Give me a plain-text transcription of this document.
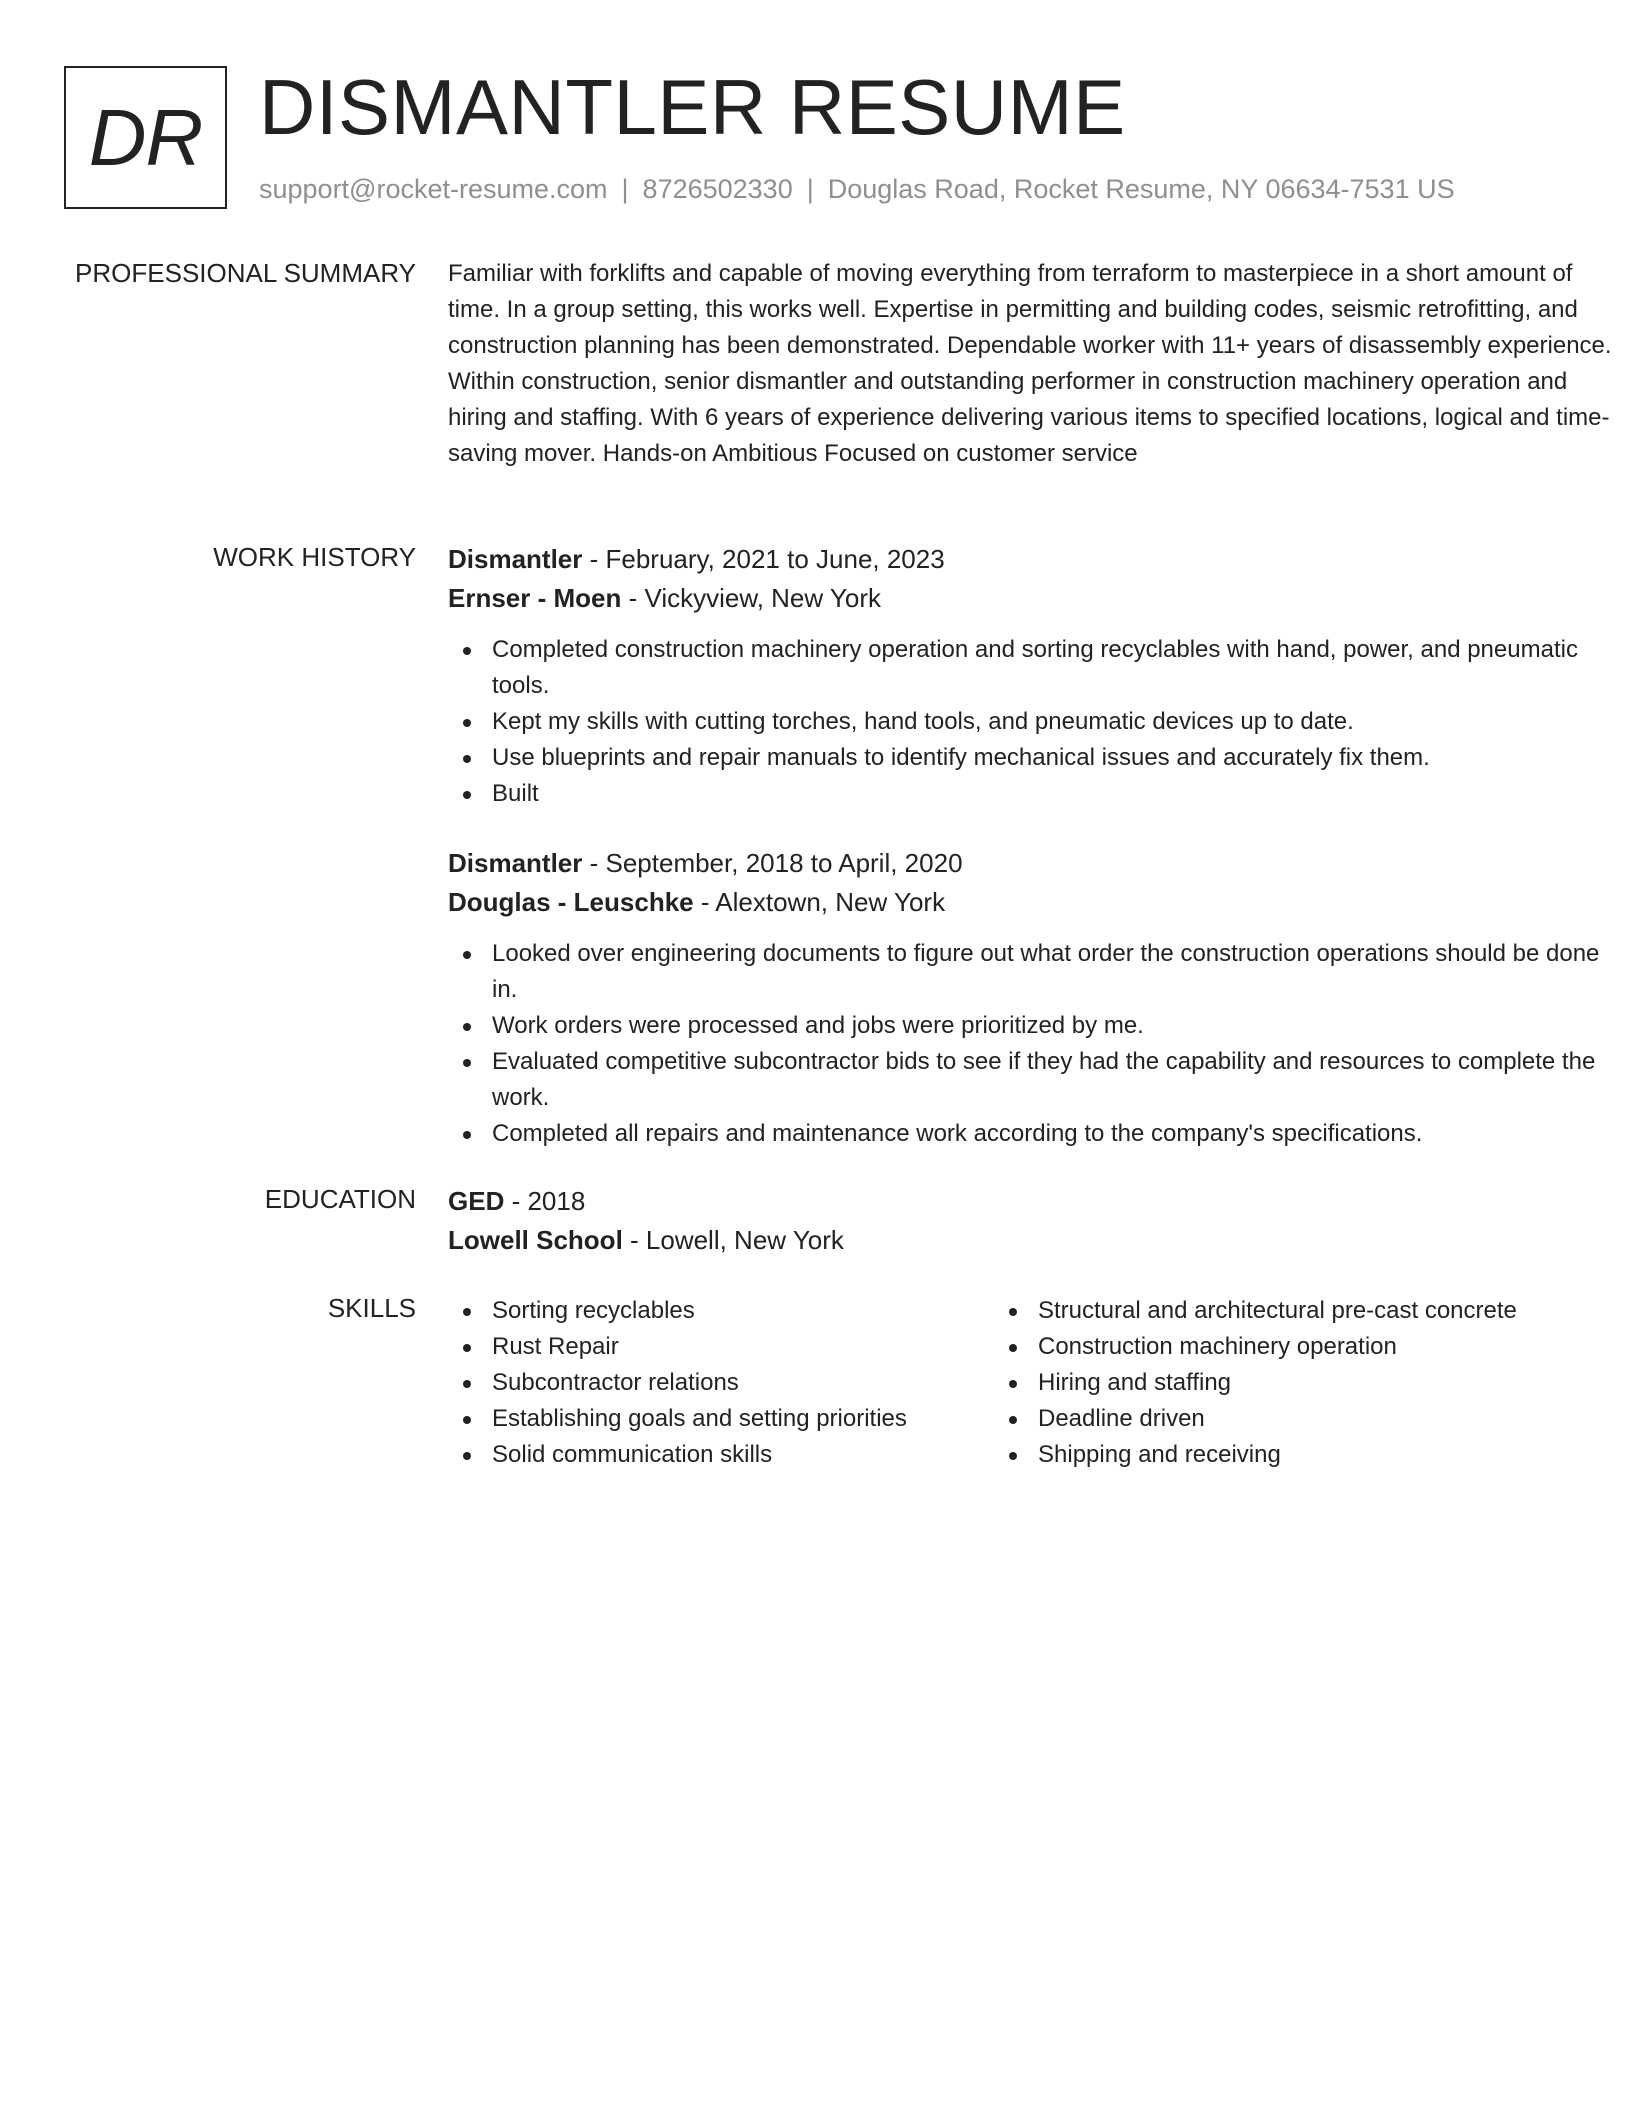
DR DISMANTLER RESUME
support@rocket-resume.com | 8726502330 | Douglas Road, Rocket Resume, NY 06634-7531 US
PROFESSIONAL SUMMARY Familiar with forklifts and capable of moving everything from terraform to masterpiece in a short amount of time. In a group setting, this works well. Expertise in permitting and building codes, seismic retrofitting, and construction planning has been demonstrated. Dependable worker with 11+ years of disassembly experience. Within construction, senior dismantler and outstanding performer in construction machinery operation and hiring and staffing. With 6 years of experience delivering various items to specified locations, logical and time-saving mover. Hands-on Ambitious Focused on customer service
WORK HISTORY Dismantler - February, 2021 to June, 2023
Ernser - Moen - Vickyview, New York
Completed construction machinery operation and sorting recyclables with hand, power, and pneumatic tools.
Kept my skills with cutting torches, hand tools, and pneumatic devices up to date.
Use blueprints and repair manuals to identify mechanical issues and accurately fix them.
Built
Dismantler - September, 2018 to April, 2020
Douglas - Leuschke - Alextown, New York
Looked over engineering documents to figure out what order the construction operations should be done in.
Work orders were processed and jobs were prioritized by me.
Evaluated competitive subcontractor bids to see if they had the capability and resources to complete the work.
Completed all repairs and maintenance work according to the company's specifications.
EDUCATION GED - 2018
Lowell School - Lowell, New York
SKILLS	Sorting recyclables
Rust Repair
Subcontractor relations
Establishing goals and setting priorities
Solid communication skills
Structural and architectural pre-cast concrete
Construction machinery operation
Hiring and staffing
Deadline driven
Shipping and receiving
